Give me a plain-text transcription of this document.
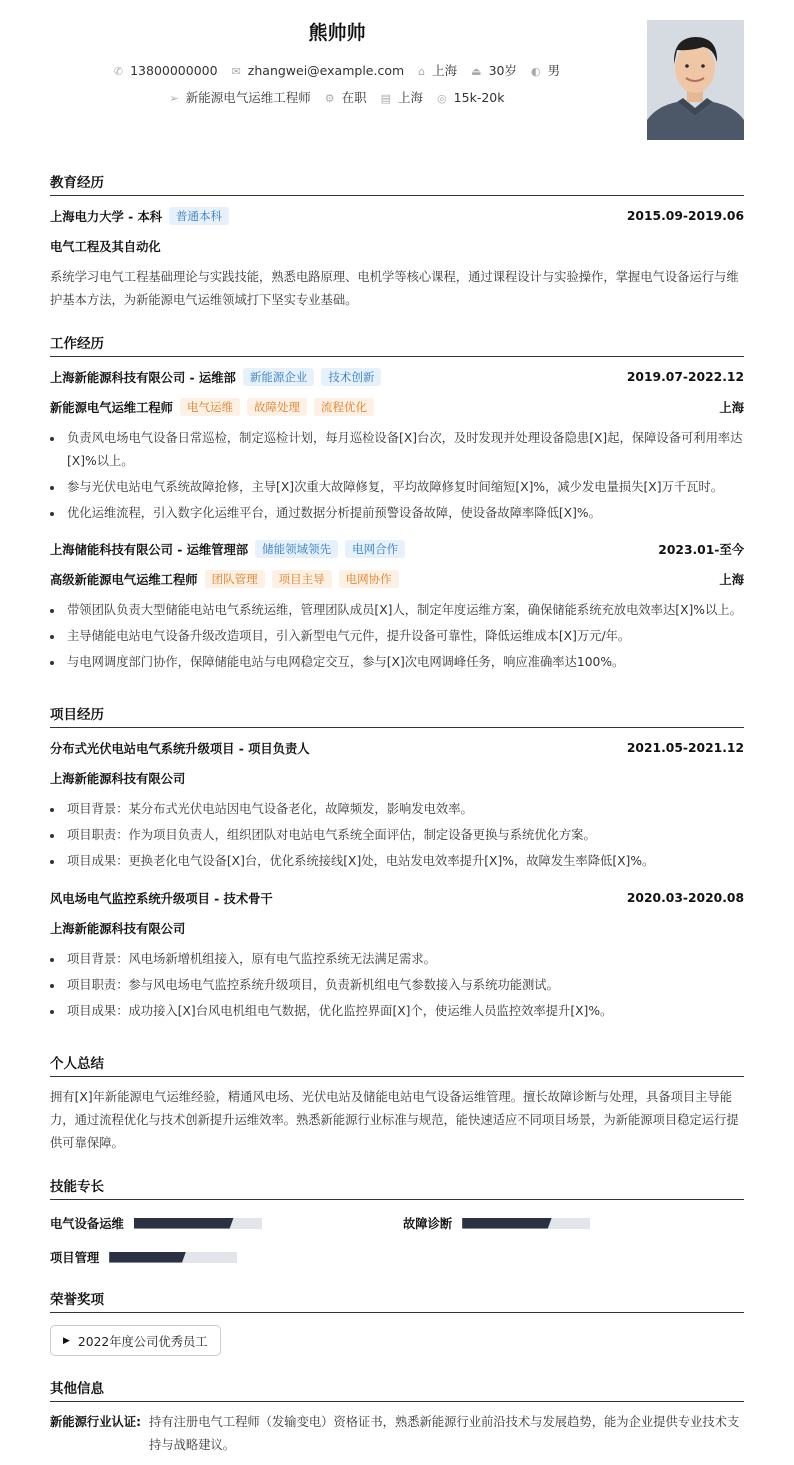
熊帅帅
✆ 13800000000 ✉ zhangwei@example.com ⌂ 上海 ⏏ 30岁 ◐ 男
➢ 新能源电气运维工程师 ⚙ 在职 ▤ 上海 ◎ 15k-20k
教育经历
上海电力大学 - 本科	普通本科	2015.09-2019.06
电气工程及其自动化
系统学习电气工程基础理论与实践技能，熟悉电路原理、电机学等核心课程，通过课程设计与实验操作，掌握电气设备运行与维护基本方法，为新能源电气运维领域打下坚实专业基础。
工作经历
上海新能源科技有限公司 - 运维部	新能源企业	技术创新	2019.07-2022.12
新能源电气运维工程师	电气运维	故障处理	流程优化	上海
负责风电场电气设备日常巡检，制定巡检计划，每月巡检设备[X]台次，及时发现并处理设备隐患[X]起，保障设备可利用率达[X]%以上。
参与光伏电站电气系统故障抢修，主导[X]次重大故障修复，平均故障修复时间缩短[X]%，减少发电量损失[X]万千瓦时。
优化运维流程，引入数字化运维平台，通过数据分析提前预警设备故障，使设备故障率降低[X]%。
上海储能科技有限公司 - 运维管理部	储能领域领先	电网合作	2023.01-至今
高级新能源电气运维工程师	团队管理	项目主导	电网协作	上海
带领团队负责大型储能电站电气系统运维，管理团队成员[X]人，制定年度运维方案，确保储能系统充放电效率达[X]%以上。
主导储能电站电气设备升级改造项目，引入新型电气元件，提升设备可靠性，降低运维成本[X]万元/年。
与电网调度部门协作，保障储能电站与电网稳定交互，参与[X]次电网调峰任务，响应准确率达100%。
项目经历
分布式光伏电站电气系统升级项目 - 项目负责人	2021.05-2021.12
上海新能源科技有限公司
项目背景：某分布式光伏电站因电气设备老化，故障频发，影响发电效率。
项目职责：作为项目负责人，组织团队对电站电气系统全面评估，制定设备更换与系统优化方案。
项目成果：更换老化电气设备[X]台，优化系统接线[X]处，电站发电效率提升[X]%，故障发生率降低[X]%。
风电场电气监控系统升级项目 - 技术骨干	2020.03-2020.08
上海新能源科技有限公司
项目背景：风电场新增机组接入，原有电气监控系统无法满足需求。
项目职责：参与风电场电气监控系统升级项目，负责新机组电气参数接入与系统功能测试。
项目成果：成功接入[X]台风电机组电气数据，优化监控界面[X]个，使运维人员监控效率提升[X]%。
个人总结
拥有[X]年新能源电气运维经验，精通风电场、光伏电站及储能电站电气设备运维管理。擅长故障诊断与处理，具备项目主导能力，通过流程优化与技术创新提升运维效率。熟悉新能源行业标准与规范，能快速适应不同项目场景，为新能源项目稳定运行提供可靠保障。
技能专长
电气设备运维	故障诊断
项目管理
荣誉奖项
▶ 2022年度公司优秀员工
其他信息
新能源行业认证: 持有注册电气工程师（发输变电）资格证书，熟悉新能源行业前沿技术与发展趋势，能为企业提供专业技术支持与战略建议。
